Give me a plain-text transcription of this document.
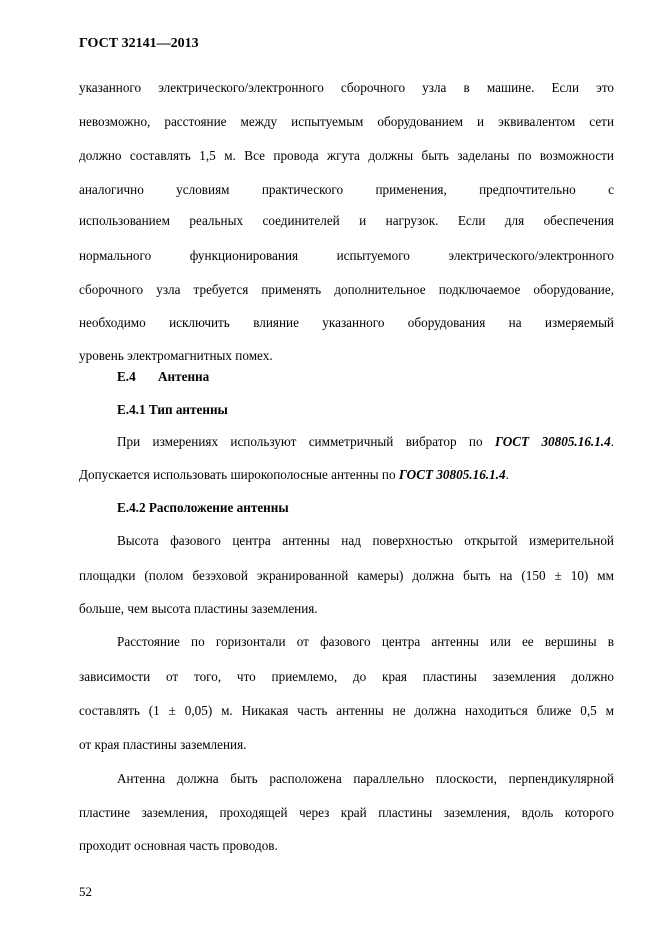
ГОСТ 32141—2013
указанного электрического/электронного сборочного узла в машине. Если это
невозможно, расстояние между испытуемым оборудованием и эквивалентом сети
должно составлять 1,5 м. Все провода жгута должны быть заделаны по возможности
аналогично условиям практического применения, предпочтительно с
использованием реальных соединителей и нагрузок. Если для обеспечения
нормального функционирования испытуемого электрического/электронного
сборочного узла требуется применять дополнительное подключаемое оборудование,
необходимо исключить влияние указанного оборудования на измеряемый
уровень электромагнитных помех.
Е.4 Антенна
Е.4.1 Тип антенны
При измерениях используют симметричный вибратор по ГОСТ 30805.16.1.4.
Допускается использовать широкополосные антенны по ГОСТ 30805.16.1.4.
Е.4.2 Расположение антенны
Высота фазового центра антенны над поверхностью открытой измерительной
площадки (полом безэховой экранированной камеры) должна быть на (150 ± 10) мм
больше, чем высота пластины заземления.
Расстояние по горизонтали от фазового центра антенны или ее вершины в
зависимости от того, что приемлемо, до края пластины заземления должно
составлять (1 ± 0,05) м. Никакая часть антенны не должна находиться ближе 0,5 м
от края пластины заземления.
Антенна должна быть расположена параллельно плоскости, перпендикулярной
пластине заземления, проходящей через край пластины заземления, вдоль которого
проходит основная часть проводов.
52
